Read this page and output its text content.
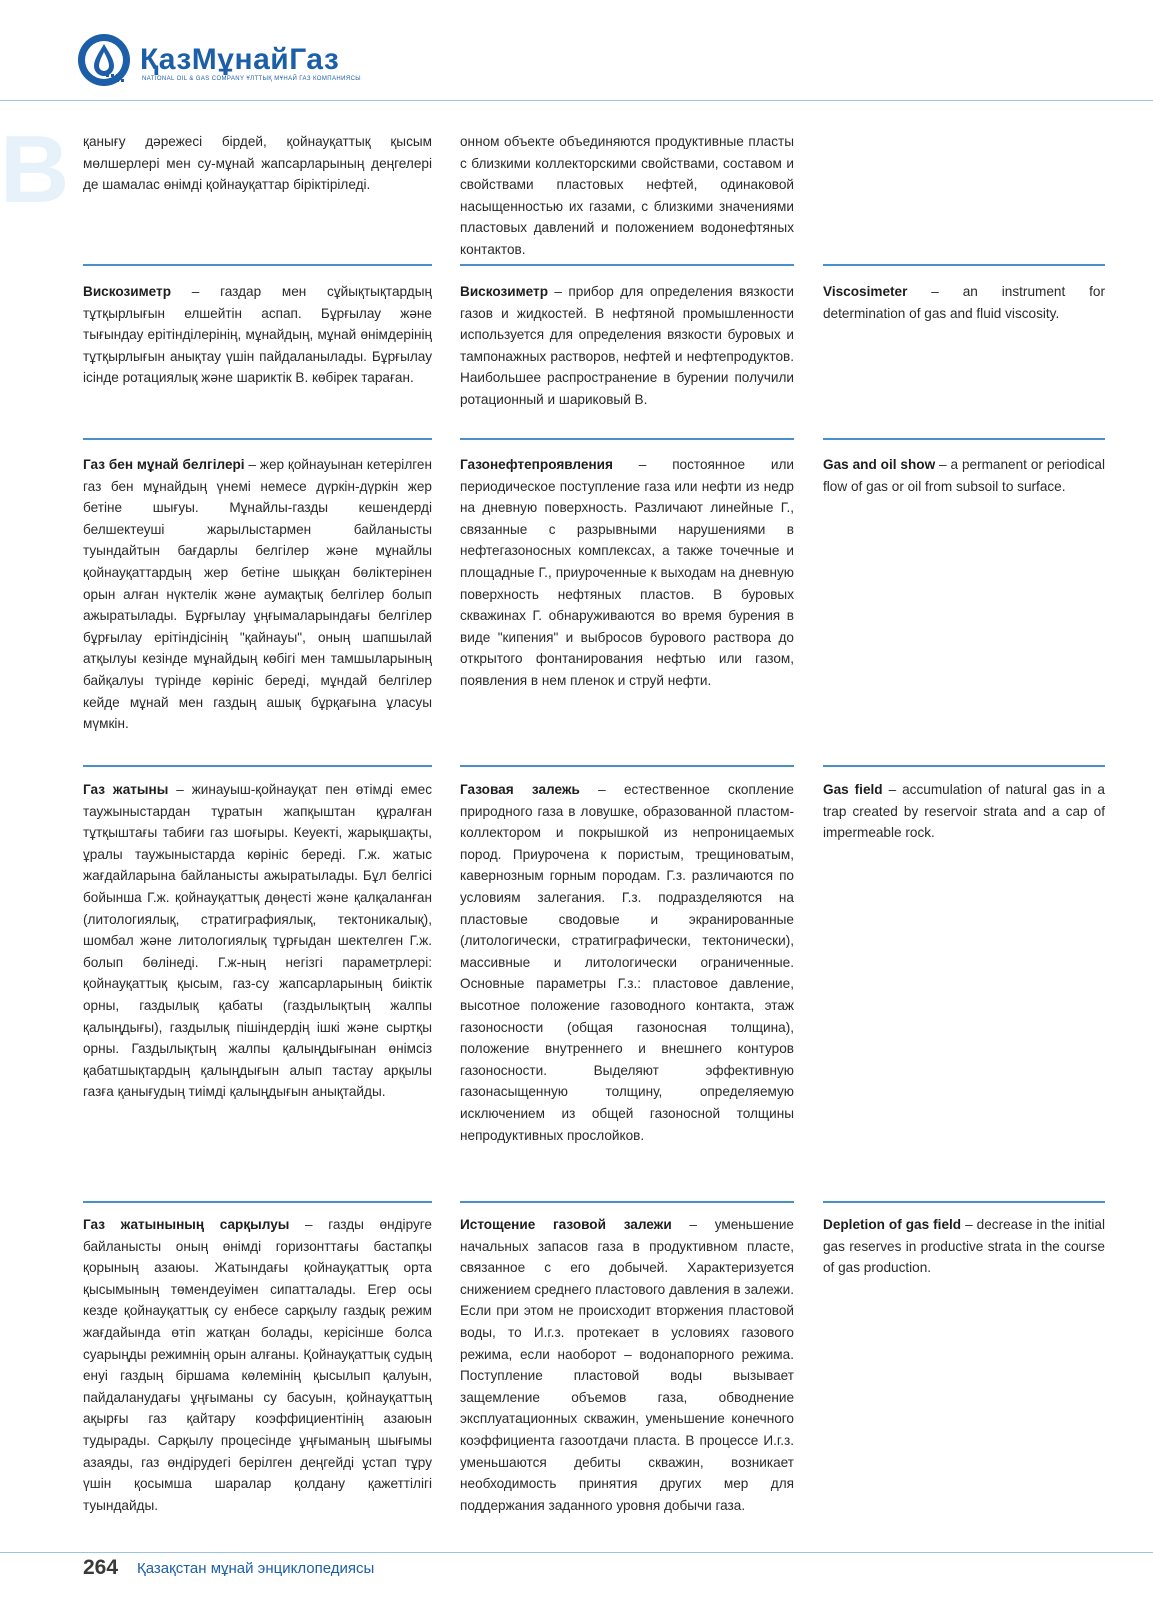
ҚазМұнайГаз
NATIONAL OIL & GAS COMPANY ҰЛТТЫҚ МҰНАЙ ГАЗ КОМПАНИЯСЫ
В қанығу дәрежесі бірдей, қойнауқаттық қысым мөлшерлері мен су-мұнай жапсарларының деңгелері де шамалас өнімді қойнауқаттар біріктіріледі.
онном объекте объединяются продуктивные пласты с близкими коллекторскими свойствами, составом и свойствами пластовых нефтей, одинаковой насыщенностью их газами, с близкими значениями пластовых давлений и положением водонефтяных контактов.
Вискозиметр – газдар мен сұйықтықтардың тұтқырлығын елшейтін аспап. Бұрғылау және тығындау ерітінділерінің, мұнайдың, мұнай өнімдерінің тұтқырлығын анықтау үшін пайдаланылады. Бұрғылау ісінде ротациялық және шариктік В. көбірек тараған.
Вискозиметр – прибор для определения вязкости газов и жидкостей. В нефтяной промышленности используется для определения вязкости буровых и тампонажных растворов, нефтей и нефтепродуктов. Наибольшее распространение в бурении получили ротационный и шариковый В.
Viscosimeter – an instrument for determination of gas and fluid viscosity.
Газ бен мұнай белгілері – жер қойнауынан кетерілген газ бен мұнайдың үнемі немесе дүркін-дүркін жер бетіне шығуы. Мұнайлы-газды кешендерді белшектеуші жарылыстармен байланысты туындайтын бағдарлы белгілер және мұнайлы қойнауқаттардың жер бетіне шыққан бөліктерінен орын алған нүктелік және аумақтық белгілер болып ажыратылады. Бұрғылау ұңғымаларындағы белгілер бұрғылау ерітіндісінің "қайнауы", оның шапшылай атқылуы кезінде мұнайдың көбігі мен тамшыларының байқалуы түрінде көрініс береді, мұндай белгілер кейде мұнай мен газдың ашық бұрқағына ұласуы мүмкін.
Газонефтепроявления – постоянное или периодическое поступление газа или нефти из недр на дневную поверхность. Различают линейные Г., связанные с разрывными нарушениями в нефтегазоносных комплексах, а также точечные и площадные Г., приуроченные к выходам на дневную поверхность нефтяных пластов. В буровых скважинах Г. обнаруживаются во время бурения в виде "кипения" и выбросов бурового раствора до открытого фонтанирования нефтью или газом, появления в нем пленок и струй нефти.
Gas and oil show – a permanent or periodical flow of gas or oil from subsoil to surface.
Газ жатыны – жинауыш-қойнауқат пен өтімді емес таужыныстардан тұратын жапқыштан құралған тұтқыштағы табиғи газ шоғыры. Кеуекті, жарықшақты, ұралы таужыныстарда көрініс береді. Г.ж. жатыс жағдайларына байланысты ажыратылады. Бұл белгісі бойынша Г.ж. қойнауқаттық дөңесті және қалқаланған (литологиялық, стратиграфиялық, тектоникалық), шомбал және литологиялық тұрғыдан шектелген Г.ж. болып бөлінеді. Г.ж-ның негізгі параметрлері: қойнауқаттық қысым, газ-су жапсарларының биіктік орны, газдылық қабаты (газдылықтың жалпы қалыңдығы), газдылық пішіндердің ішкі және сыртқы орны. Газдылықтың жалпы қалыңдығынан өнімсіз қабатшықтардың қалыңдығын алып тастау арқылы газға қанығудың тиімді қалыңдығын анықтайды.
Газовая залежь – естественное скопление природного газа в ловушке, образованной пластом-коллектором и покрышкой из непроницаемых пород. Приурочена к пористым, трещиноватым, кавернозным горным породам. Г.з. различаются по условиям залегания. Г.з. подразделяются на пластовые сводовые и экранированные (литологически, стратиграфически, тектонически), массивные и литологически ограниченные. Основные параметры Г.з.: пластовое давление, высотное положение газоводного контакта, этаж газоносности (общая газоносная толщина), положение внутреннего и внешнего контуров газоносности. Выделяют эффективную газонасыщенную толщину, определяемую исключением из общей газоносной толщины непродуктивных прослойков.
Gas field – accumulation of natural gas in a trap created by reservoir strata and a cap of impermeable rock.
Газ жатынының сарқылуы – газды өндіруге байланысты оның өнімді горизонттағы бастапқы қорының азаюы. Жатындағы қойнауқаттық орта қысымының төмендеуімен сипатталады. Егер осы кезде қойнауқаттық су енбесе сарқылу газдық режим жағдайында өтіп жатқан болады, керісінше болса суарыңды режимнің орын алғаны. Қойнауқаттық судың енуі газдың біршама көлемінің қысылып қалуын, пайдаланудағы ұңғыманы су басуын, қойнауқаттың ақырғы газ қайтару коэффициентінің азаюын тудырады. Сарқылу процесінде ұңғыманың шығымы азаяды, газ өндірудегі берілген деңгейді ұстап тұру үшін қосымша шаралар қолдану қажеттілігі туындайды.
Истощение газовой залежи – уменьшение начальных запасов газа в продуктивном пласте, связанное с его добычей. Характеризуется снижением среднего пластового давления в залежи. Если при этом не происходит вторжения пластовой воды, то И.г.з. протекает в условиях газового режима, если наоборот – водонапорного режима. Поступление пластовой воды вызывает защемление объемов газа, обводнение эксплуатационных скважин, уменьшение конечного коэффициента газоотдачи пласта. В процессе И.г.з. уменьшаются дебиты скважин, возникает необходимость принятия других мер для поддержания заданного уровня добычи газа.
Depletion of gas field – decrease in the initial gas reserves in productive strata in the course of gas production.
264 Қазақстан мұнай энциклопедиясы
